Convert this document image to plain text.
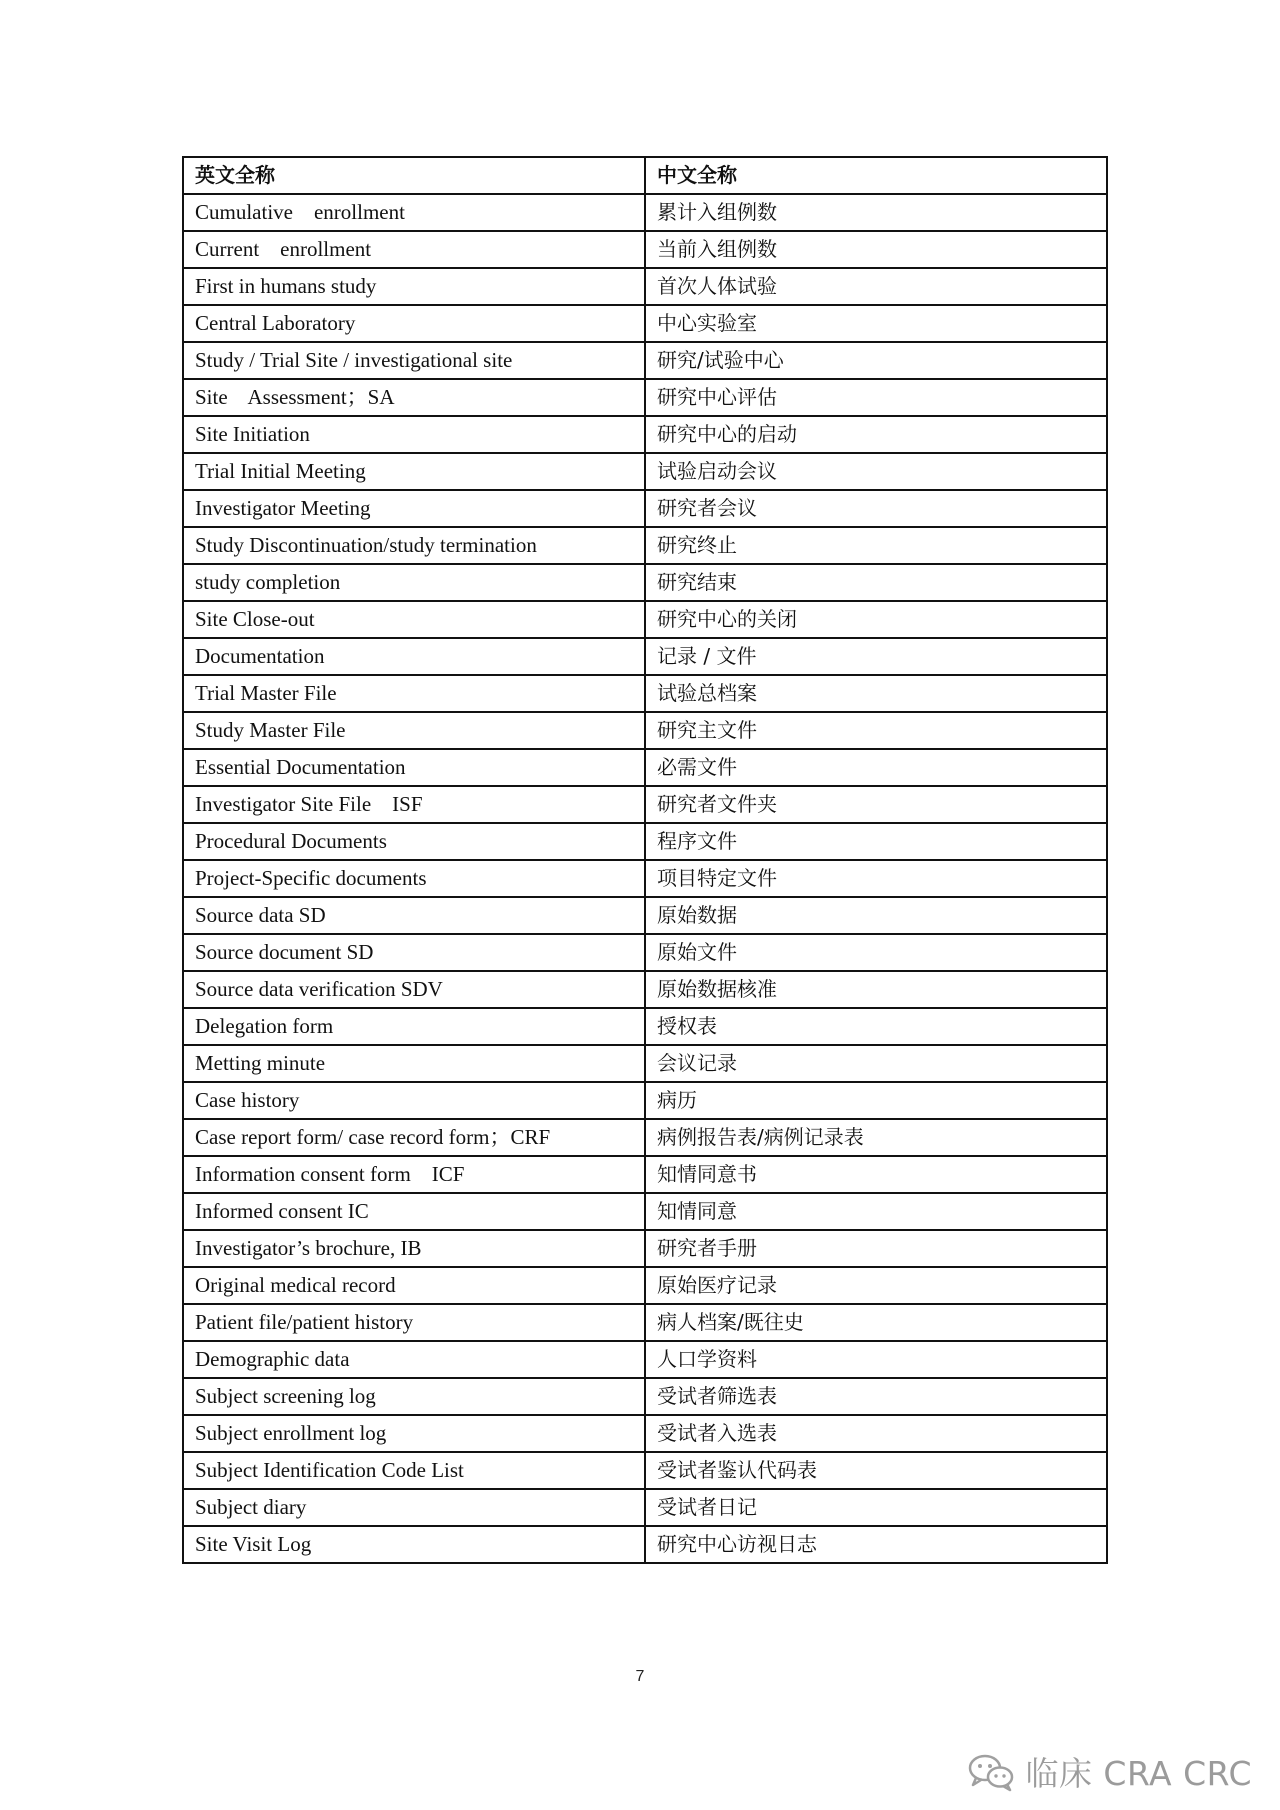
英文全称	中文全称
Cumulative    enrollment	累计入组例数
Current    enrollment	当前入组例数
First in humans study	首次人体试验
Central Laboratory	中心实验室
Study / Trial Site / investigational site	研究/试验中心
Site    Assessment；SA	研究中心评估
Site Initiation	研究中心的启动
Trial Initial Meeting	试验启动会议
Investigator Meeting	研究者会议
Study Discontinuation/study termination	研究终止
study completion	研究结束
Site Close-out	研究中心的关闭
Documentation	记录 / 文件
Trial Master File	试验总档案
Study Master File	研究主文件
Essential Documentation	必需文件
Investigator Site File    ISF	研究者文件夹
Procedural Documents	程序文件
Project-Specific documents	项目特定文件
Source data SD	原始数据
Source document SD	原始文件
Source data verification SDV	原始数据核准
Delegation form	授权表
Metting minute	会议记录
Case history	病历
Case report form/ case record form；CRF	病例报告表/病例记录表
Information consent form    ICF	知情同意书
Informed consent IC	知情同意
Investigator’s brochure, IB	研究者手册
Original medical record	原始医疗记录
Patient file/patient history	病人档案/既往史
Demographic data	人口学资料
Subject screening log	受试者筛选表
Subject enrollment log	受试者入选表
Subject Identification Code List	受试者鉴认代码表
Subject diary	受试者日记
Site Visit Log	研究中心访视日志
7
临床 CRA CRC
